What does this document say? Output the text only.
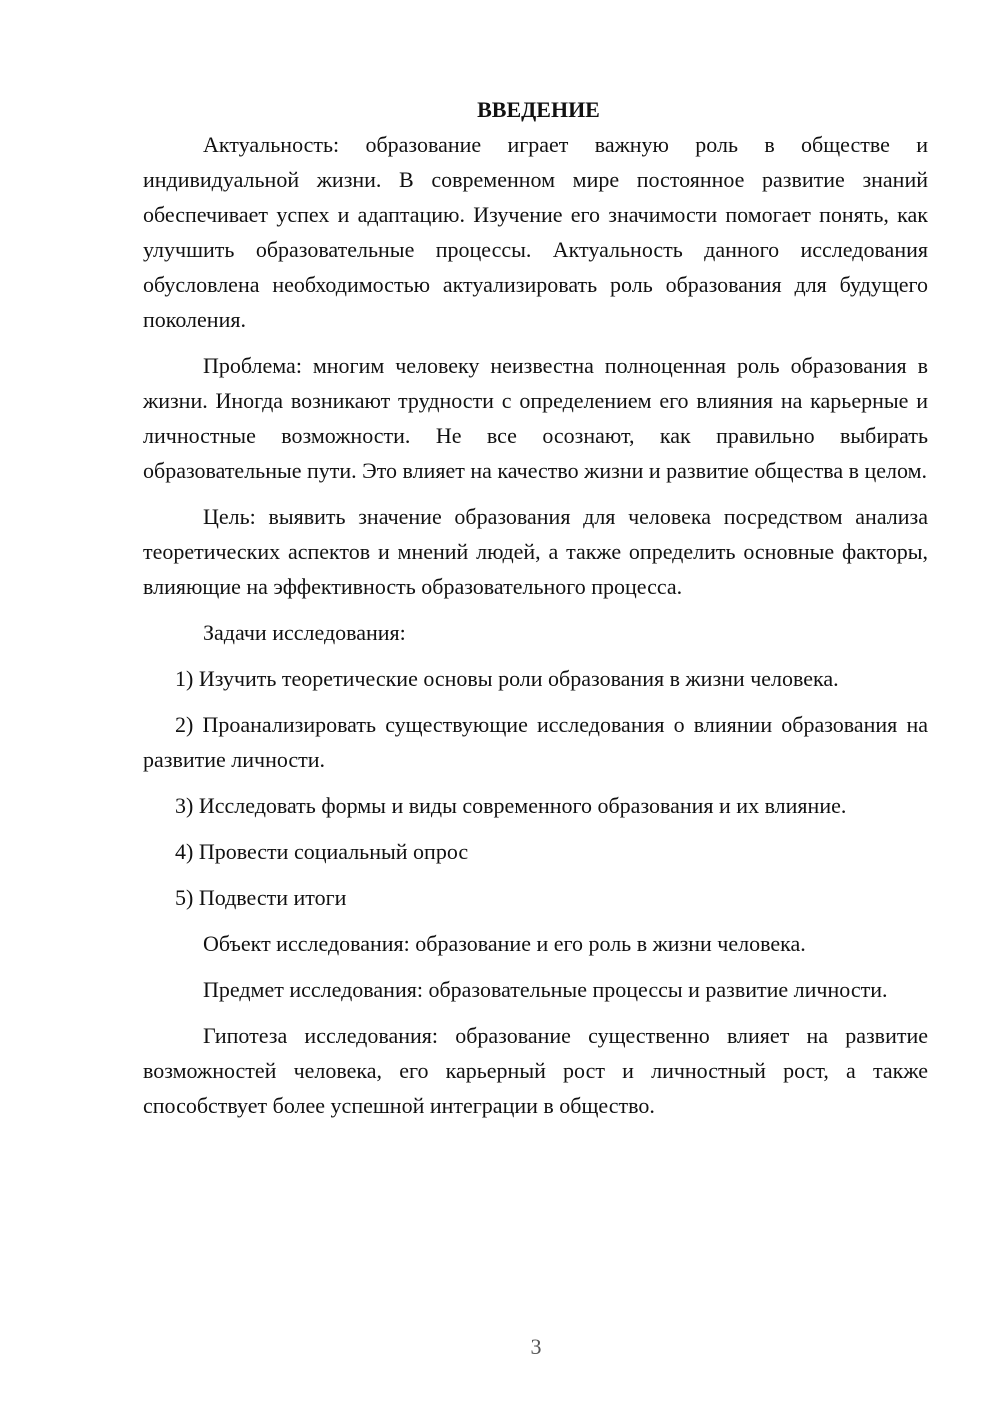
ВВЕДЕНИЕ

Актуальность: образование играет важную роль в обществе и индивидуальной жизни. В современном мире постоянное развитие знаний обеспечивает успех и адаптацию. Изучение его значимости помогает понять, как улучшить образовательные процессы. Актуальность данного исследования обусловлена необходимостью актуализировать роль образования для будущего поколения.

Проблема: многим человеку неизвестна полноценная роль образования в жизни. Иногда возникают трудности с определением его влияния на карьерные и личностные возможности. Не все осознают, как правильно выбирать образовательные пути. Это влияет на качество жизни и развитие общества в целом.

Цель: выявить значение образования для человека посредством анализа теоретических аспектов и мнений людей, а также определить основные факторы, влияющие на эффективность образовательного процесса.

Задачи исследования:

1) Изучить теоретические основы роли образования в жизни человека.

2) Проанализировать существующие исследования о влиянии образования на развитие личности.

3) Исследовать формы и виды современного образования и их влияние.

4) Провести социальный опрос

5) Подвести итоги

Объект исследования: образование и его роль в жизни человека.

Предмет исследования: образовательные процессы и развитие личности.

Гипотеза исследования: образование существенно влияет на развитие возможностей человека, его карьерный рост и личностный рост, а также способствует более успешной интеграции в общество.

3
